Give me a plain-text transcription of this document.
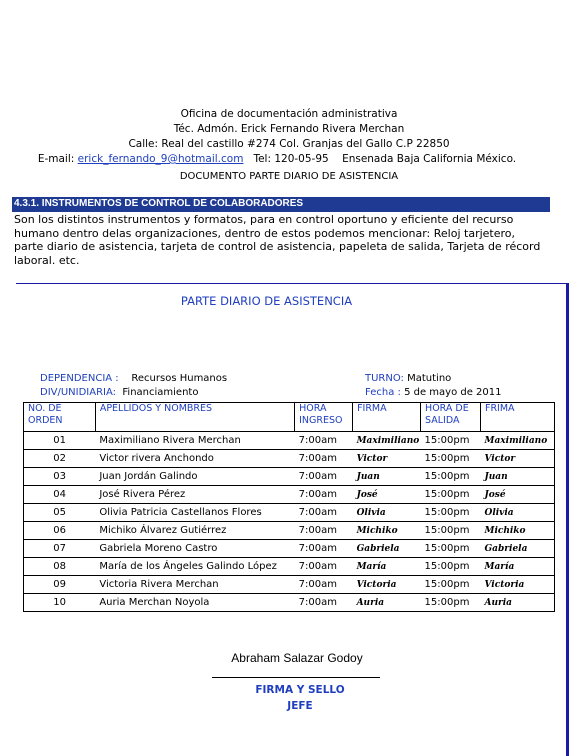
Oficina de documentación administrativa
Téc. Admón. Erick Fernando Rivera Merchan
Calle: Real del castillo #274 Col. Granjas del Gallo C.P 22850
E-mail: erick_fernando_9@hotmail.com Tel: 120-05-95 Ensenada Baja California México.
DOCUMENTO PARTE DIARIO DE ASISTENCIA
4.3.1. INSTRUMENTOS DE CONTROL DE COLABORADORES
Son los distintos instrumentos y formatos, para en control oportuno y eficiente del recurso humano dentro delas organizaciones, dentro de estos podemos mencionar: Reloj tarjetero, parte diario de asistencia, tarjeta de control de asistencia, papeleta de salida, Tarjeta de récord laboral. etc.
PARTE DIARIO DE ASISTENCIA
DEPENDENCIA : Recursos Humanos
DIV/UNIDIARIA: Financiamiento
TURNO: Matutino
Fecha : 5 de mayo de 2011
NO. DE ORDEN	APELLIDOS Y NOMBRES	HORA INGRESO	FIRMA	HORA DE SALIDA	FRIMA
01	Maximiliano Rivera Merchan	7:00am	Maximiliano	15:00pm	Maximiliano
02	Victor rivera Anchondo	7:00am	Victor	15:00pm	Victor
03	Juan Jordán Galindo	7:00am	Juan	15:00pm	Juan
04	José Rivera Pérez	7:00am	José	15:00pm	José
05	Olivia Patricia Castellanos Flores	7:00am	Olivia	15:00pm	Olivia
06	Michiko Álvarez Gutiérrez	7:00am	Michiko	15:00pm	Michiko
07	Gabriela Moreno Castro	7:00am	Gabriela	15:00pm	Gabriela
08	María de los Ángeles Galindo López	7:00am	María	15:00pm	María
09	Victoria Rivera Merchan	7:00am	Victoria	15:00pm	Victoria
10	Auria Merchan Noyola	7:00am	Auria	15:00pm	Auria
Abraham Salazar Godoy
FIRMA Y SELLO
JEFE
